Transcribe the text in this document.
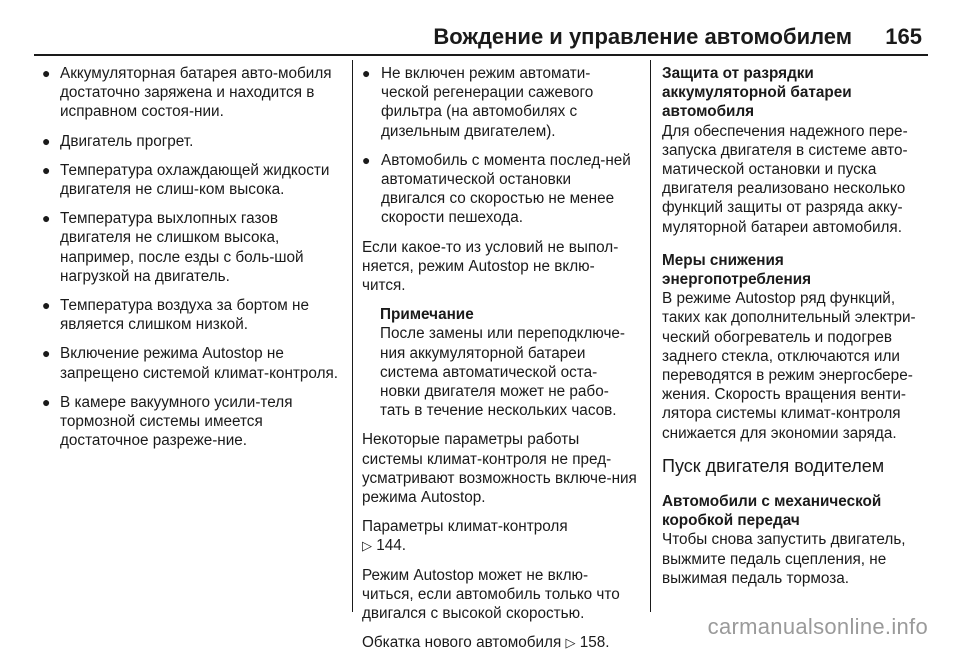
Вождение и управление автомобилем 165
● Аккумуляторная батарея авто-мобиля достаточно заряжена и находится в исправном состоя-нии.
● Двигатель прогрет.
● Температура охлаждающей жидкости двигателя не слиш-ком высока.
● Температура выхлопных газов двигателя не слишком высока, например, после езды с боль-шой нагрузкой на двигатель.
● Температура воздуха за бортом не является слишком низкой.
● Включение режима Autostop не запрещено системой климат-контроля.
● В камере вакуумного усили-теля тормозной системы имеется достаточное разреже-ние.
● Не включен режим автомати-ческой регенерации сажевого фильтра (на автомобилях с дизельным двигателем).
● Автомобиль с момента послед-ней автоматической остановки двигался со скоростью не менее скорости пешехода.

Если какое-то из условий не выпол-няется, режим Autostop не вклю-чится.

Примечание
После замены или переподключе-ния аккумуляторной батареи система автоматической оста-новки двигателя может не рабо-тать в течение нескольких часов.

Некоторые параметры работы системы климат-контроля не пред-усматривают возможность включе-ния режима Autostop.

Параметры климат-контроля
▷ 144.

Режим Autostop может не вклю-читься, если автомобиль только что двигался с высокой скоростью.

Обкатка нового автомобиля ▷ 158.

Защита от разрядки аккумуляторной батареи автомобиля

Для обеспечения надежного пере-запуска двигателя в системе авто-матической остановки и пуска двигателя реализовано несколько функций защиты от разряда акку-муляторной батареи автомобиля.

Меры снижения энергопотребления

В режиме Autostop ряд функций, таких как дополнительный электри-ческий обогреватель и подогрев заднего стекла, отключаются или переводятся в режим энергосбере-жения. Скорость вращения венти-лятора системы климат-контроля снижается для экономии заряда.

Пуск двигателя водителем
Автомобили с механической коробкой передач

Чтобы снова запустить двигатель, выжмите педаль сцепления, не выжимая педаль тормоза.

carmanualsonline.info
